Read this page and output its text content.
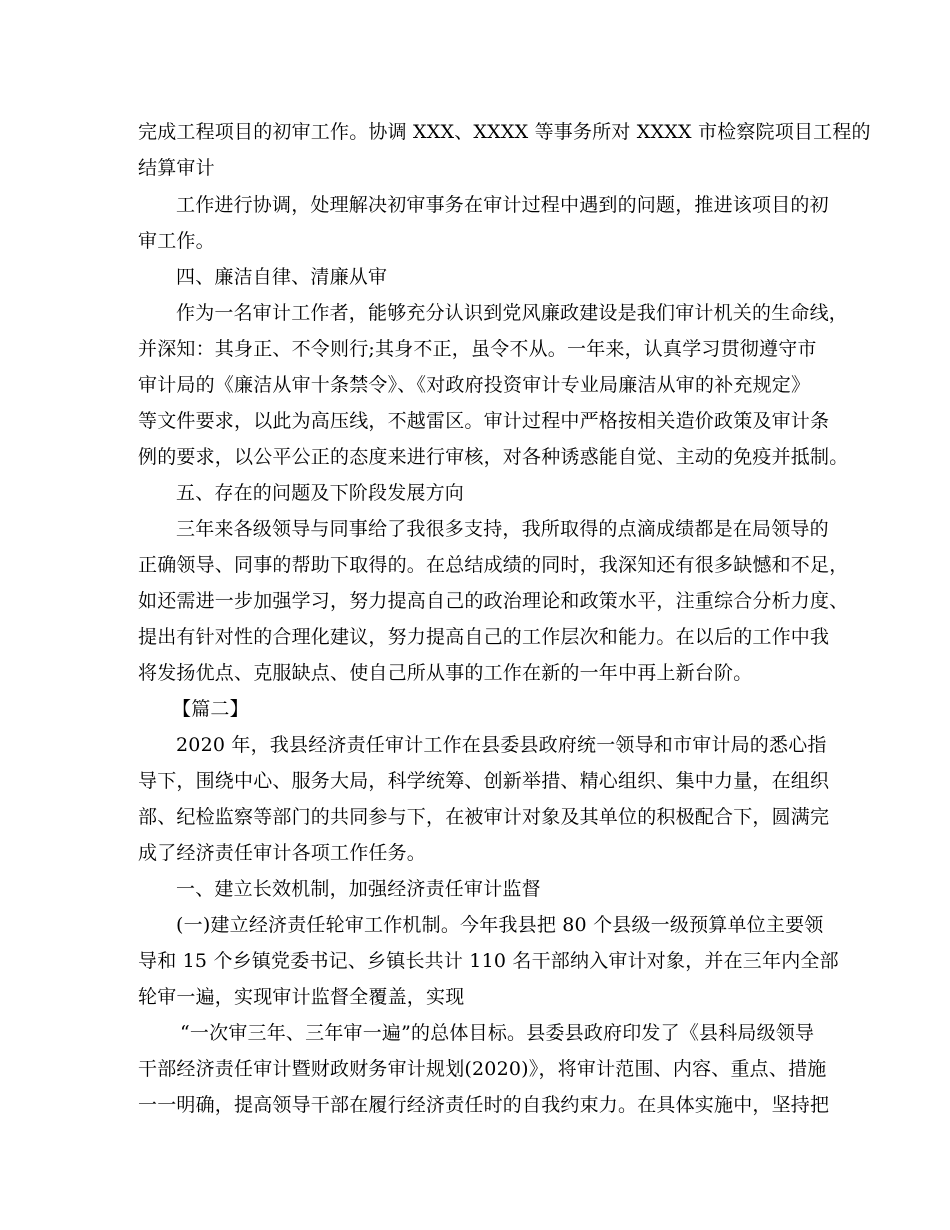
完成工程项目的初审工作。协调 XXX、XXXX 等事务所对 XXXX 市检察院项目工程的
结算审计
工作进行协调，处理解决初审事务在审计过程中遇到的问题，推进该项目的初
审工作。
四、廉洁自律、清廉从审
作为一名审计工作者，能够充分认识到党风廉政建设是我们审计机关的生命线，
并深知：其身正、不令则行;其身不正，虽令不从。一年来，认真学习贯彻遵守市
审计局的《廉洁从审十条禁令》、《对政府投资审计专业局廉洁从审的补充规定》
等文件要求，以此为高压线，不越雷区。审计过程中严格按相关造价政策及审计条
例的要求，以公平公正的态度来进行审核，对各种诱惑能自觉、主动的免疫并抵制。
五、存在的问题及下阶段发展方向
三年来各级领导与同事给了我很多支持，我所取得的点滴成绩都是在局领导的
正确领导、同事的帮助下取得的。在总结成绩的同时，我深知还有很多缺憾和不足，
如还需进一步加强学习，努力提高自己的政治理论和政策水平，注重综合分析力度、
提出有针对性的合理化建议，努力提高自己的工作层次和能力。在以后的工作中我
将发扬优点、克服缺点、使自己所从事的工作在新的一年中再上新台阶。
【篇二】
2020 年，我县经济责任审计工作在县委县政府统一领导和市审计局的悉心指
导下，围绕中心、服务大局，科学统筹、创新举措、精心组织、集中力量，在组织
部、纪检监察等部门的共同参与下，在被审计对象及其单位的积极配合下，圆满完
成了经济责任审计各项工作任务。
一、建立长效机制，加强经济责任审计监督
(一)建立经济责任轮审工作机制。今年我县把 80 个县级一级预算单位主要领
导和 15 个乡镇党委书记、乡镇长共计 110 名干部纳入审计对象，并在三年内全部
轮审一遍，实现审计监督全覆盖，实现
“一次审三年、三年审一遍”的总体目标。县委县政府印发了《县科局级领导
干部经济责任审计暨财政财务审计规划(2020)》，将审计范围、内容、重点、措施
一一明确，提高领导干部在履行经济责任时的自我约束力。在具体实施中，坚持把
